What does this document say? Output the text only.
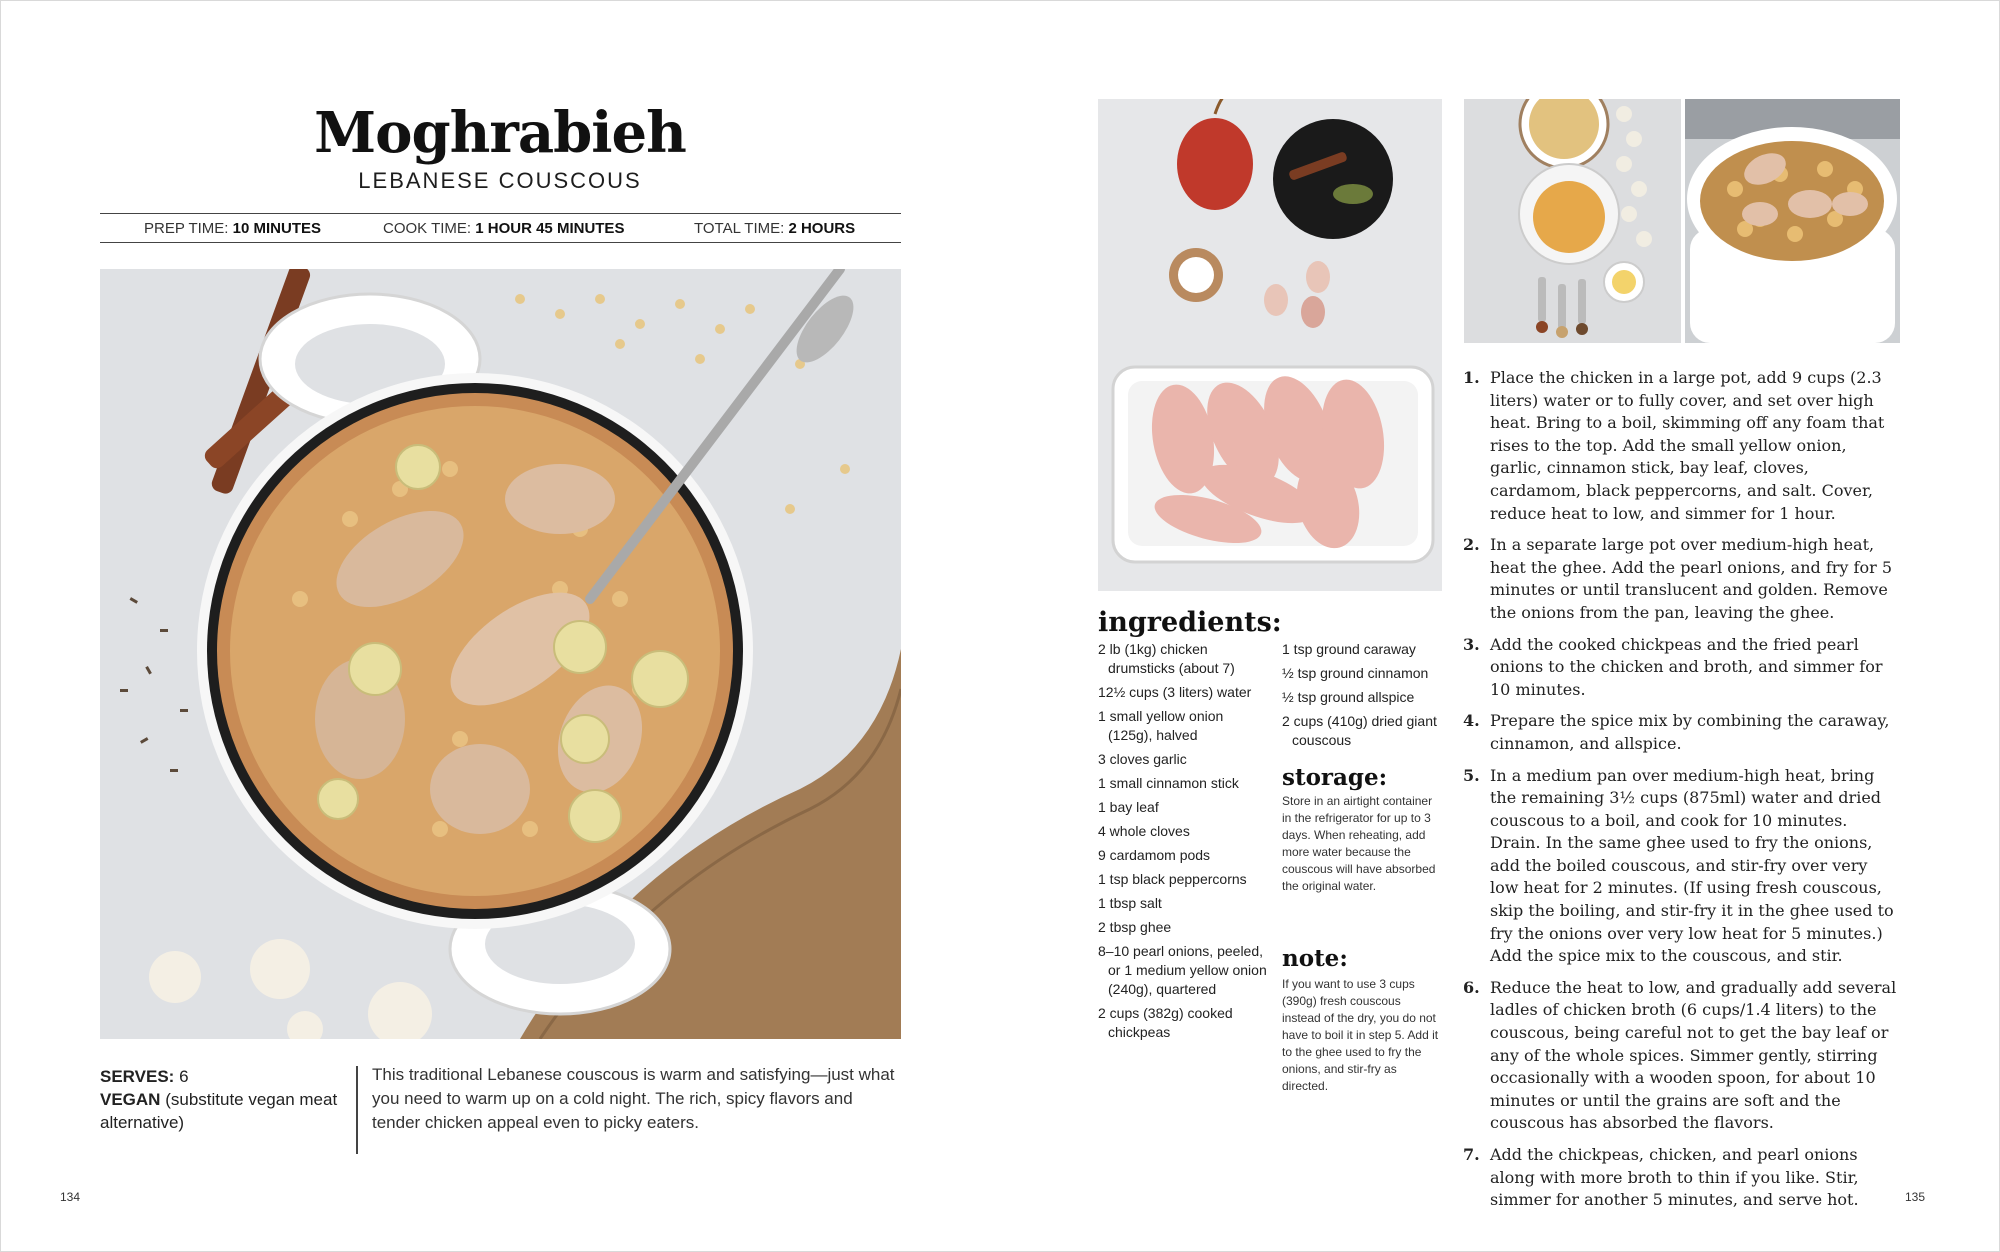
Moghrabieh
LEBANESE COUSCOUS
PREP TIME: 10 MINUTES	COOK TIME: 1 HOUR 45 MINUTES	TOTAL TIME: 2 HOURS
SERVES: 6
VEGAN (substitute vegan meat alternative)

This traditional Lebanese couscous is warm and satisfying—just what you need to warm up on a cold night. The rich, spicy flavors and tender chicken appeal even to picky eaters.

134
ingredients:
2 lb (1kg) chicken drumsticks (about 7)
12½ cups (3 liters) water
1 small yellow onion (125g), halved
3 cloves garlic
1 small cinnamon stick
1 bay leaf
4 whole cloves
9 cardamom pods
1 tsp black peppercorns
1 tbsp salt
2 tbsp ghee
8–10 pearl onions, peeled, or 1 medium yellow onion (240g), quartered
2 cups (382g) cooked chickpeas
1 tsp ground caraway
½ tsp ground cinnamon
½ tsp ground allspice
2 cups (410g) dried giant couscous
storage:

Store in an airtight container in the refrigerator for up to 3 days. When reheating, add more water because the couscous will have absorbed the original water.

note:

If you want to use 3 cups (390g) fresh couscous instead of the dry, you do not have to boil it in step 5. Add it to the ghee used to fry the onions, and stir-fry as directed.

1. Place the chicken in a large pot, add 9 cups (2.3 liters) water or to fully cover, and set over high heat. Bring to a boil, skimming off any foam that rises to the top. Add the small yellow onion, garlic, cinnamon stick, bay leaf, cloves, cardamom, black peppercorns, and salt. Cover, reduce heat to low, and simmer for 1 hour.
2. In a separate large pot over medium-high heat, heat the ghee. Add the pearl onions, and fry for 5 minutes or until translucent and golden. Remove the onions from the pan, leaving the ghee.
3. Add the cooked chickpeas and the fried pearl onions to the chicken and broth, and simmer for 10 minutes.
4. Prepare the spice mix by combining the caraway, cinnamon, and allspice.
5. In a medium pan over medium-high heat, bring the remaining 3½ cups (875ml) water and dried couscous to a boil, and cook for 10 minutes. Drain. In the same ghee used to fry the onions, add the boiled couscous, and stir-fry over very low heat for 2 minutes. (If using fresh couscous, skip the boiling, and stir-fry it in the ghee used to fry the onions over very low heat for 5 minutes.) Add the spice mix to the couscous, and stir.
6. Reduce the heat to low, and gradually add several ladles of chicken broth (6 cups/1.4 liters) to the couscous, being careful not to get the bay leaf or any of the whole spices. Simmer gently, stirring occasionally with a wooden spoon, for about 10 minutes or until the grains are soft and the couscous has absorbed the flavors.
7. Add the chickpeas, chicken, and pearl onions along with more broth to thin if you like. Stir, simmer for another 5 minutes, and serve hot.	135
